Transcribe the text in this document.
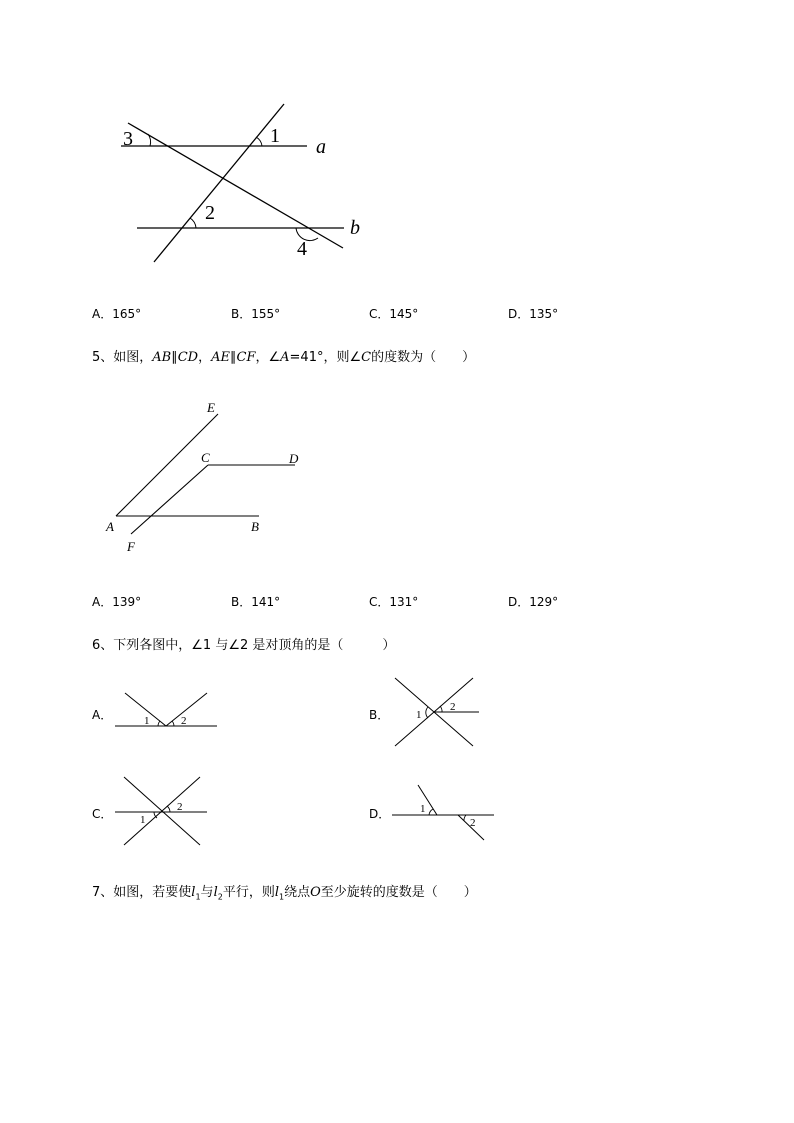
3	1 a
2
b
4
A．165°	B．155°	C．145°	D．135°
5、如图，AB∥CD，AE∥CF，∠A=41°，则∠C的度数为（　　）
E
C	D
A	B
F
A．139°	B．141°	C．131°	D．129°
6、下列各图中，∠1 与∠2 是对顶角的是（　　　）
A．	1	2	B． 1
2
C．	1
2	D．	1
2
7、如图，若要使$l_1$与$l_2$平行，则$l_1$绕点O至少旋转的度数是（　　）
